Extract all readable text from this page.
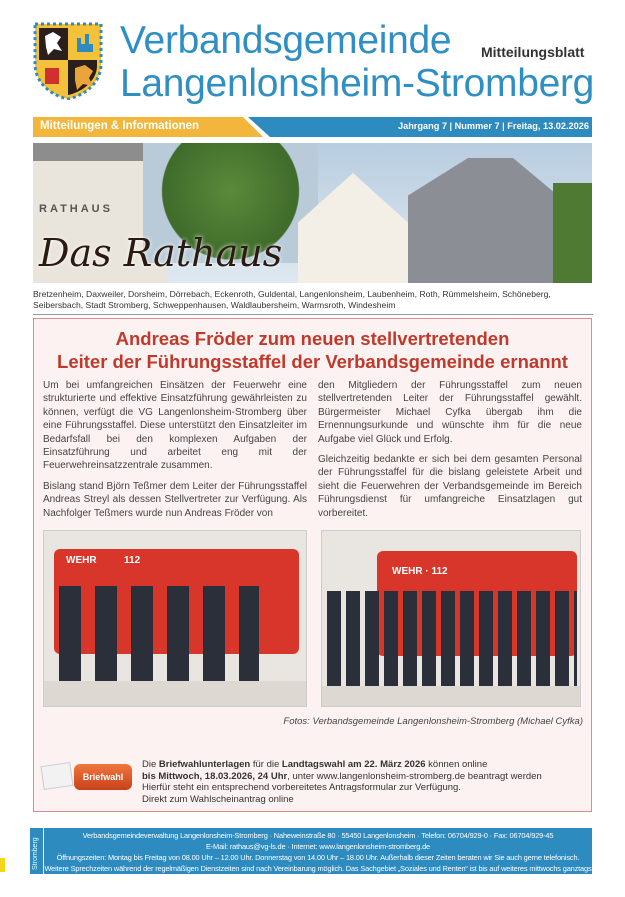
Verbandsgemeinde
Langenlonsheim-Stromberg
Mitteilungsblatt
Mitteilungen & Informationen	Jahrgang 7 | Nummer 7 | Freitag, 13.02.2026
RATHAUS
Das Rathaus
Bretzenheim, Daxweiler, Dorsheim, Dörrebach, Eckenroth, Guldental, Langenlonsheim, Laubenheim, Roth, Rümmelsheim, Schöneberg, Seibersbach, Stadt Stromberg, Schweppenhausen, Waldlaubersheim, Warmsroth, Windesheim
Andreas Fröder zum neuen stellvertretenden
Leiter der Führungsstaffel der Verbandsgemeinde ernannt

Um bei umfangreichen Einsätzen der Feuerwehr eine strukturierte und effektive Einsatzführung gewährleisten zu können, verfügt die VG Langenlonsheim-Stromberg über eine Führungsstaffel. Diese unterstützt den Einsatzleiter im Bedarfsfall bei den komplexen Aufgaben der Einsatzführung und arbeitet eng mit der Feuerwehreinsatzzentrale zusammen.

Bislang stand Björn Teßmer dem Leiter der Führungsstaffel Andreas Streyl als dessen Stellvertreter zur Verfügung. Als Nachfolger Teßmers wurde nun Andreas Fröder von

den Mitgliedern der Führungsstaffel zum neuen stellvertretenden Leiter der Führungsstaffel gewählt. Bürgermeister Michael Cyfka übergab ihm die Ernennungsurkunde und wünschte ihm für die neue Aufgabe viel Glück und Erfolg.

Gleichzeitig bedankte er sich bei dem gesamten Personal der Führungsstaffel für die bislang geleistete Arbeit und sieht die Feuerwehren der Verbandsgemeinde im Bereich Führungsdienst für umfangreiche Einsatzlagen gut vorbereitet.

WEHR	112
WEHR · 112
Fotos: Verbandsgemeinde Langenlonsheim-Stromberg (Michael Cyfka)
Briefwahl
Die Briefwahlunterlagen für die Landtagswahl am 22. März 2026 können online
bis Mittwoch, 18.03.2026, 24 Uhr, unter www.langenlonsheim-stromberg.de beantragt werden
Hierfür steht ein entsprechend vorbereitetes Antragsformular zur Verfügung.
Direkt zum Wahlscheinantrag online
Stromberg
Verbandsgemeindeverwaltung Langenlonsheim-Stromberg · Naheweinstraße 80 · 55450 Langenlonsheim · Telefon: 06704/929-0 · Fax: 06704/929-45
E-Mail: rathaus@vg-ls.de · Internet: www.langenlonsheim-stromberg.de
Öffnungszeiten: Montag bis Freitag von 08.00 Uhr – 12.00 Uhr. Donnerstag von 14.00 Uhr – 18.00 Uhr. Außerhalb dieser Zeiten beraten wir Sie auch gerne telefonisch.
Weitere Sprechzeiten während der regelmäßigen Dienstzeiten sind nach Vereinbarung möglich. Das Sachgebiet „Soziales und Renten“ ist bis auf weiteres mittwochs ganztags geschlossen.
